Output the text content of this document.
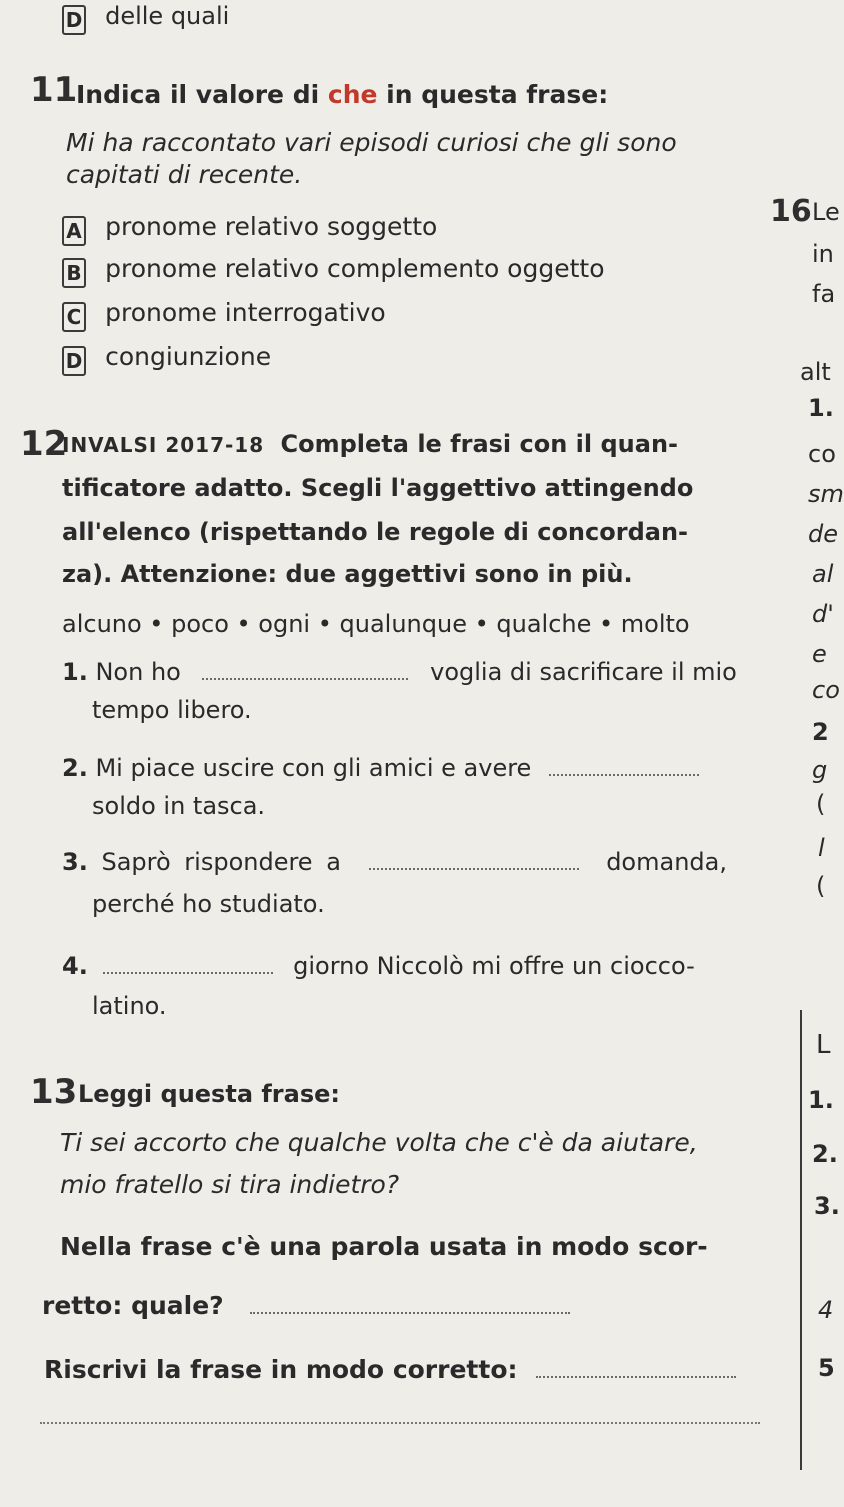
D delle quali
11
Indica il valore di che in questa frase:
Mi ha raccontato vari episodi curiosi che gli sono
capitati di recente.
A pronome relativo soggetto
B pronome relativo complemento oggetto
C pronome interrogativo
D congiunzione
12
INVALSI 2017-18 Completa le frasi con il quan-
tificatore adatto. Scegli l'aggettivo attingendo
all'elenco (rispettando le regole di concordan-
za). Attenzione: due aggettivi sono in più.
alcuno • poco • ogni • qualunque • qualche • molto
1. Non ho	voglia di sacrificare il mio
tempo libero.
2. Mi piace uscire con gli amici e avere
soldo in tasca.
3. Saprò rispondere a	domanda,
perché ho studiato.
4.	giorno Niccolò mi offre un ciocco-
latino.
13 Leggi questa frase:
Ti sei accorto che qualche volta che c'è da aiutare,
mio fratello si tira indietro?
Nella frase c'è una parola usata in modo scor-
retto: quale?
Riscrivi la frase in modo corretto:
16 Le
in
fa
alt
1.
co
sm
de
al
d'
e
co
2
g
(
l
(
L
1.
2.
3.
4
5
